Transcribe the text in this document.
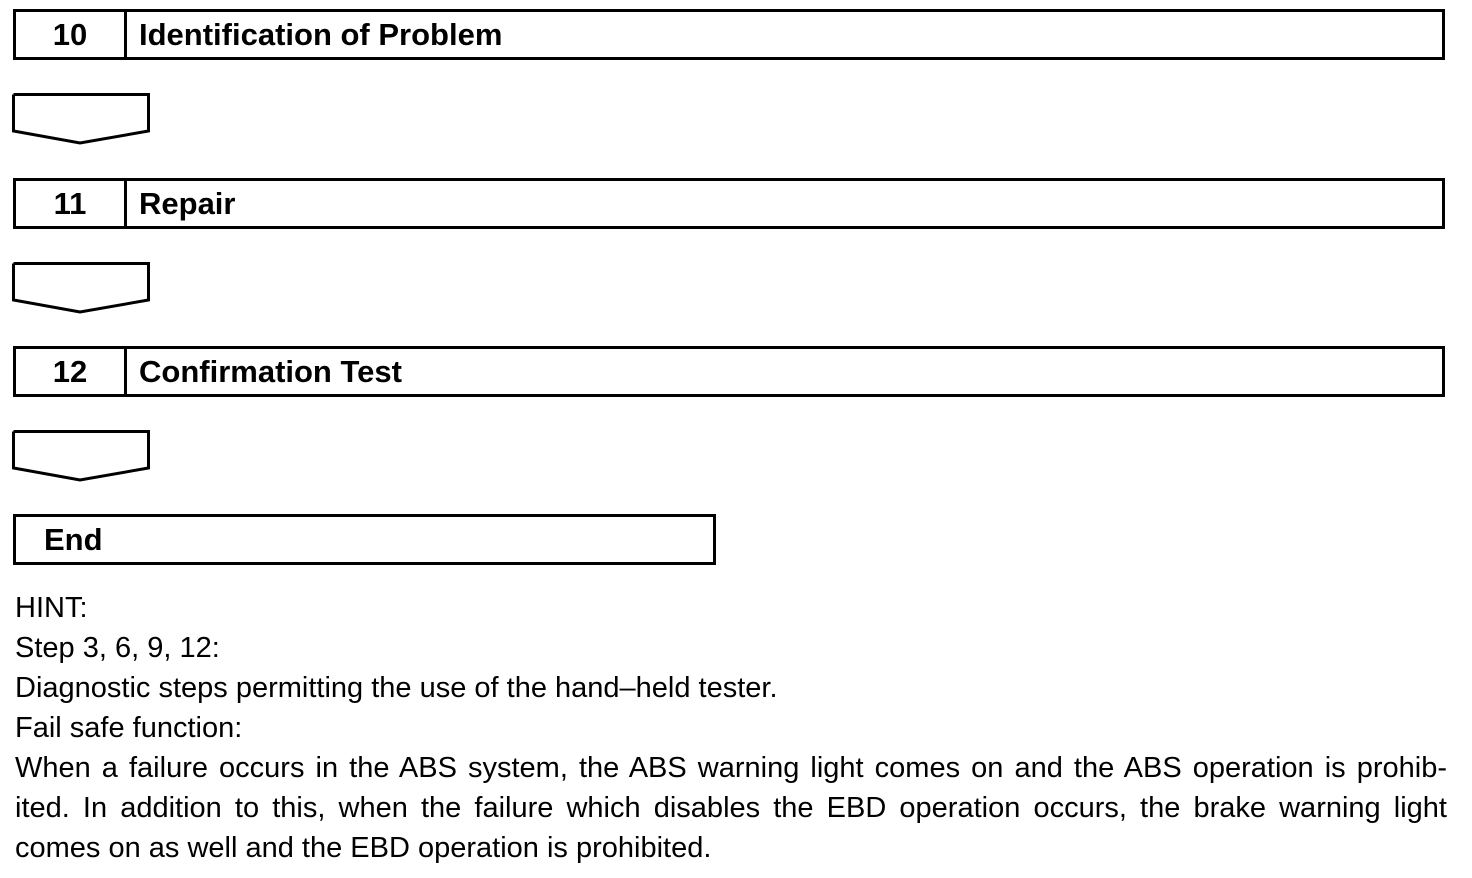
10	Identification of Problem
11	Repair
12	Confirmation Test
End

HINT:

Step 3, 6, 9, 12:

Diagnostic steps permitting the use of the hand–held tester.

Fail safe function:

When a failure occurs in the ABS system, the ABS warning light comes on and the ABS operation is prohib-

ited. In addition to this, when the failure which disables the EBD operation occurs, the brake warning light

comes on as well and the EBD operation is prohibited.
